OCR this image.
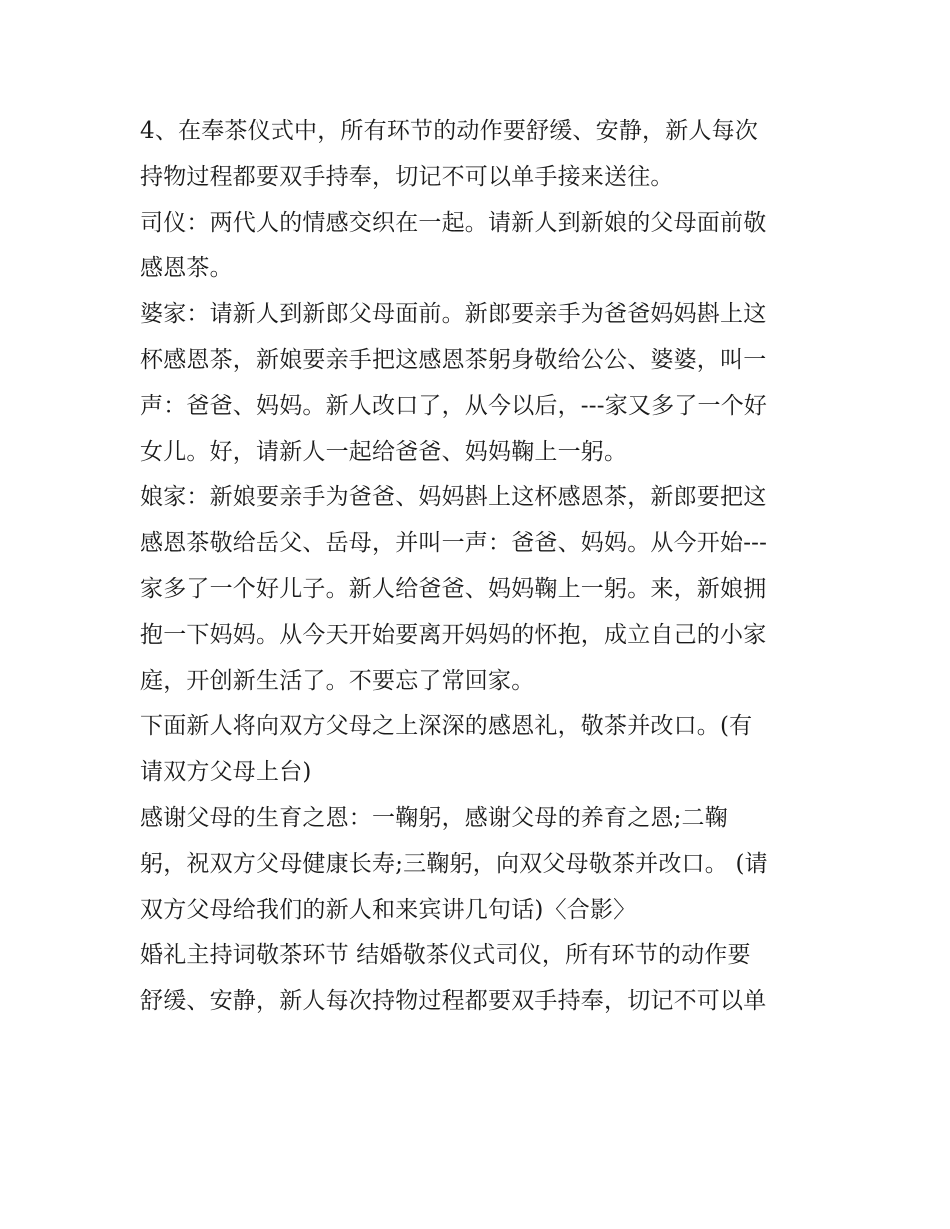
4、在奉茶仪式中，所有环节的动作要舒缓、安静，新人每次
持物过程都要双手持奉，切记不可以单手接来送往。
司仪：两代人的情感交织在一起。请新人到新娘的父母面前敬
感恩茶。
婆家：请新人到新郎父母面前。新郎要亲手为爸爸妈妈斟上这
杯感恩茶，新娘要亲手把这感恩茶躬身敬给公公、婆婆，叫一
声：爸爸、妈妈。新人改口了，从今以后，---家又多了一个好
女儿。好，请新人一起给爸爸、妈妈鞠上一躬。
娘家：新娘要亲手为爸爸、妈妈斟上这杯感恩茶，新郎要把这
感恩茶敬给岳父、岳母，并叫一声：爸爸、妈妈。从今开始---
家多了一个好儿子。新人给爸爸、妈妈鞠上一躬。来，新娘拥
抱一下妈妈。从今天开始要离开妈妈的怀抱，成立自己的小家
庭，开创新生活了。不要忘了常回家。
下面新人将向双方父母之上深深的感恩礼，敬茶并改口。(有
请双方父母上台)
感谢父母的生育之恩：一鞠躬，感谢父母的养育之恩;二鞠
躬，祝双方父母健康长寿;三鞠躬，向双父母敬茶并改口。 (请
双方父母给我们的新人和来宾讲几句话)〈合影〉
婚礼主持词敬茶环节 结婚敬茶仪式司仪，所有环节的动作要
舒缓、安静，新人每次持物过程都要双手持奉，切记不可以单
